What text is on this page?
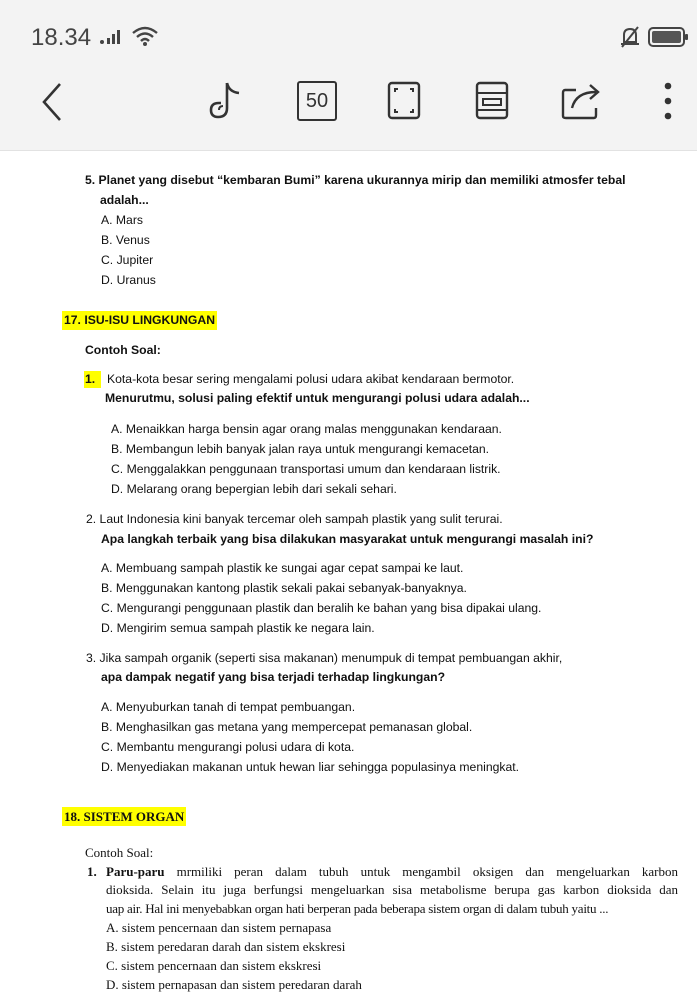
18.34
50
5. Planet yang disebut “kembaran Bumi” karena ukurannya mirip dan memiliki atmosfer tebal
adalah...
A. Mars
B. Venus
C. Jupiter
D. Uranus
17. ISU-ISU LINGKUNGAN
Contoh Soal:
1. Kota-kota besar sering mengalami polusi udara akibat kendaraan bermotor.
Menurutmu, solusi paling efektif untuk mengurangi polusi udara adalah...
A. Menaikkan harga bensin agar orang malas menggunakan kendaraan.
B. Membangun lebih banyak jalan raya untuk mengurangi kemacetan.
C. Menggalakkan penggunaan transportasi umum dan kendaraan listrik.
D. Melarang orang bepergian lebih dari sekali sehari.
2. Laut Indonesia kini banyak tercemar oleh sampah plastik yang sulit terurai.
Apa langkah terbaik yang bisa dilakukan masyarakat untuk mengurangi masalah ini?
A. Membuang sampah plastik ke sungai agar cepat sampai ke laut.
B. Menggunakan kantong plastik sekali pakai sebanyak-banyaknya.
C. Mengurangi penggunaan plastik dan beralih ke bahan yang bisa dipakai ulang.
D. Mengirim semua sampah plastik ke negara lain.
3. Jika sampah organik (seperti sisa makanan) menumpuk di tempat pembuangan akhir,
apa dampak negatif yang bisa terjadi terhadap lingkungan?
A. Menyuburkan tanah di tempat pembuangan.
B. Menghasilkan gas metana yang mempercepat pemanasan global.
C. Membantu mengurangi polusi udara di kota.
D. Menyediakan makanan untuk hewan liar sehingga populasinya meningkat.
18. SISTEM ORGAN
Contoh Soal:
1. Paru-paru mrmiliki peran dalam tubuh untuk mengambil oksigen dan mengeluarkan karbon
dioksida. Selain itu juga berfungsi mengeluarkan sisa metabolisme berupa gas karbon dioksida dan
uap air. Hal ini menyebabkan organ hati berperan pada beberapa sistem organ di dalam tubuh yaitu ...
A. sistem pencernaan dan sistem pernapasa
B. sistem peredaran darah dan sistem ekskresi
C. sistem pencernaan dan sistem ekskresi
D. sistem pernapasan dan sistem peredaran darah
